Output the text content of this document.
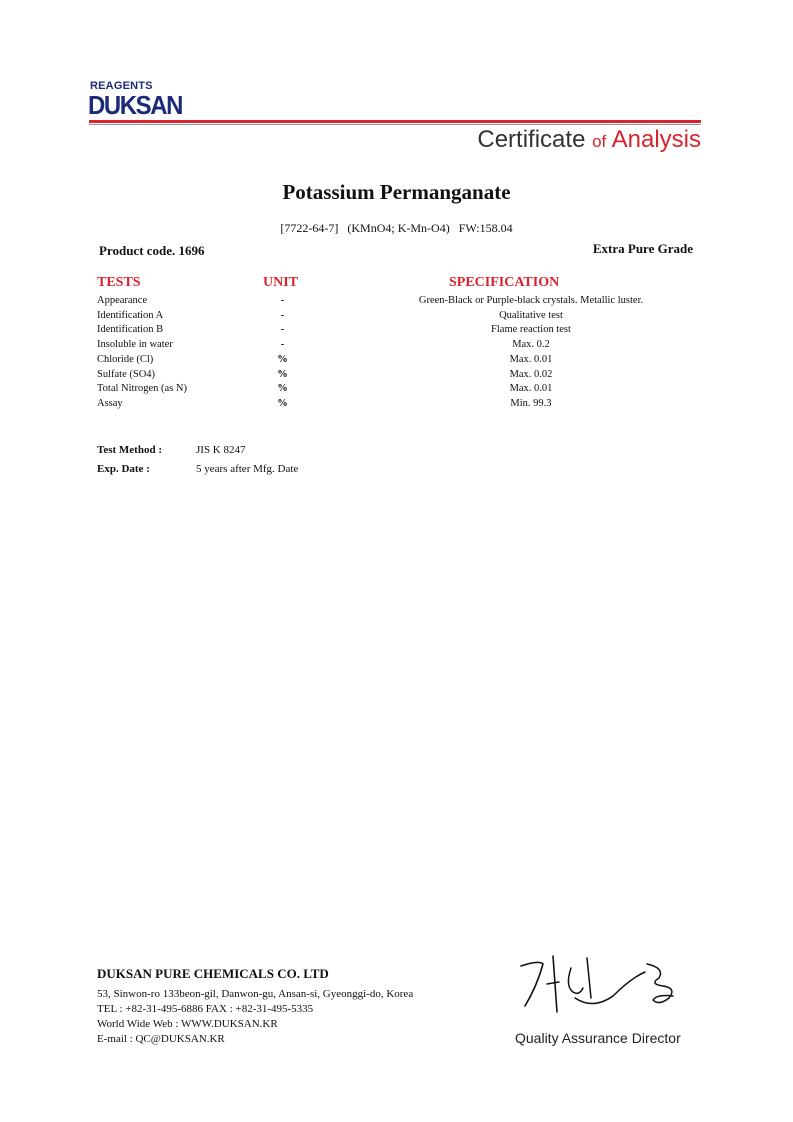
REAGENTS
DUKSAN
Certificate of Analysis
Potassium Permanganate
[7722-64-7]   (KMnO4; K-Mn-O4)   FW:158.04
Product code. 1696	Extra Pure Grade
TESTS	UNIT	SPECIFICATION
Appearance	-	Green-Black or Purple-black crystals. Metallic luster.
Identification A	-	Qualitative test
Identification B	-	Flame reaction test
Insoluble in water	-	Max. 0.2
Chloride (Cl)	%	Max. 0.01
Sulfate (SO4)	%	Max. 0.02
Total Nitrogen (as N)	%	Max. 0.01
Assay	%	Min. 99.3
Test Method :	JIS K 8247
Exp. Date :	5 years after Mfg. Date
DUKSAN PURE CHEMICALS CO. LTD
53, Sinwon-ro 133beon-gil, Danwon-gu, Ansan-si, Gyeonggi-do, Korea
TEL : +82-31-495-6886 FAX : +82-31-495-5335
World Wide Web : WWW.DUKSAN.KR
E-mail : QC@DUKSAN.KR	Quality Assurance Director
